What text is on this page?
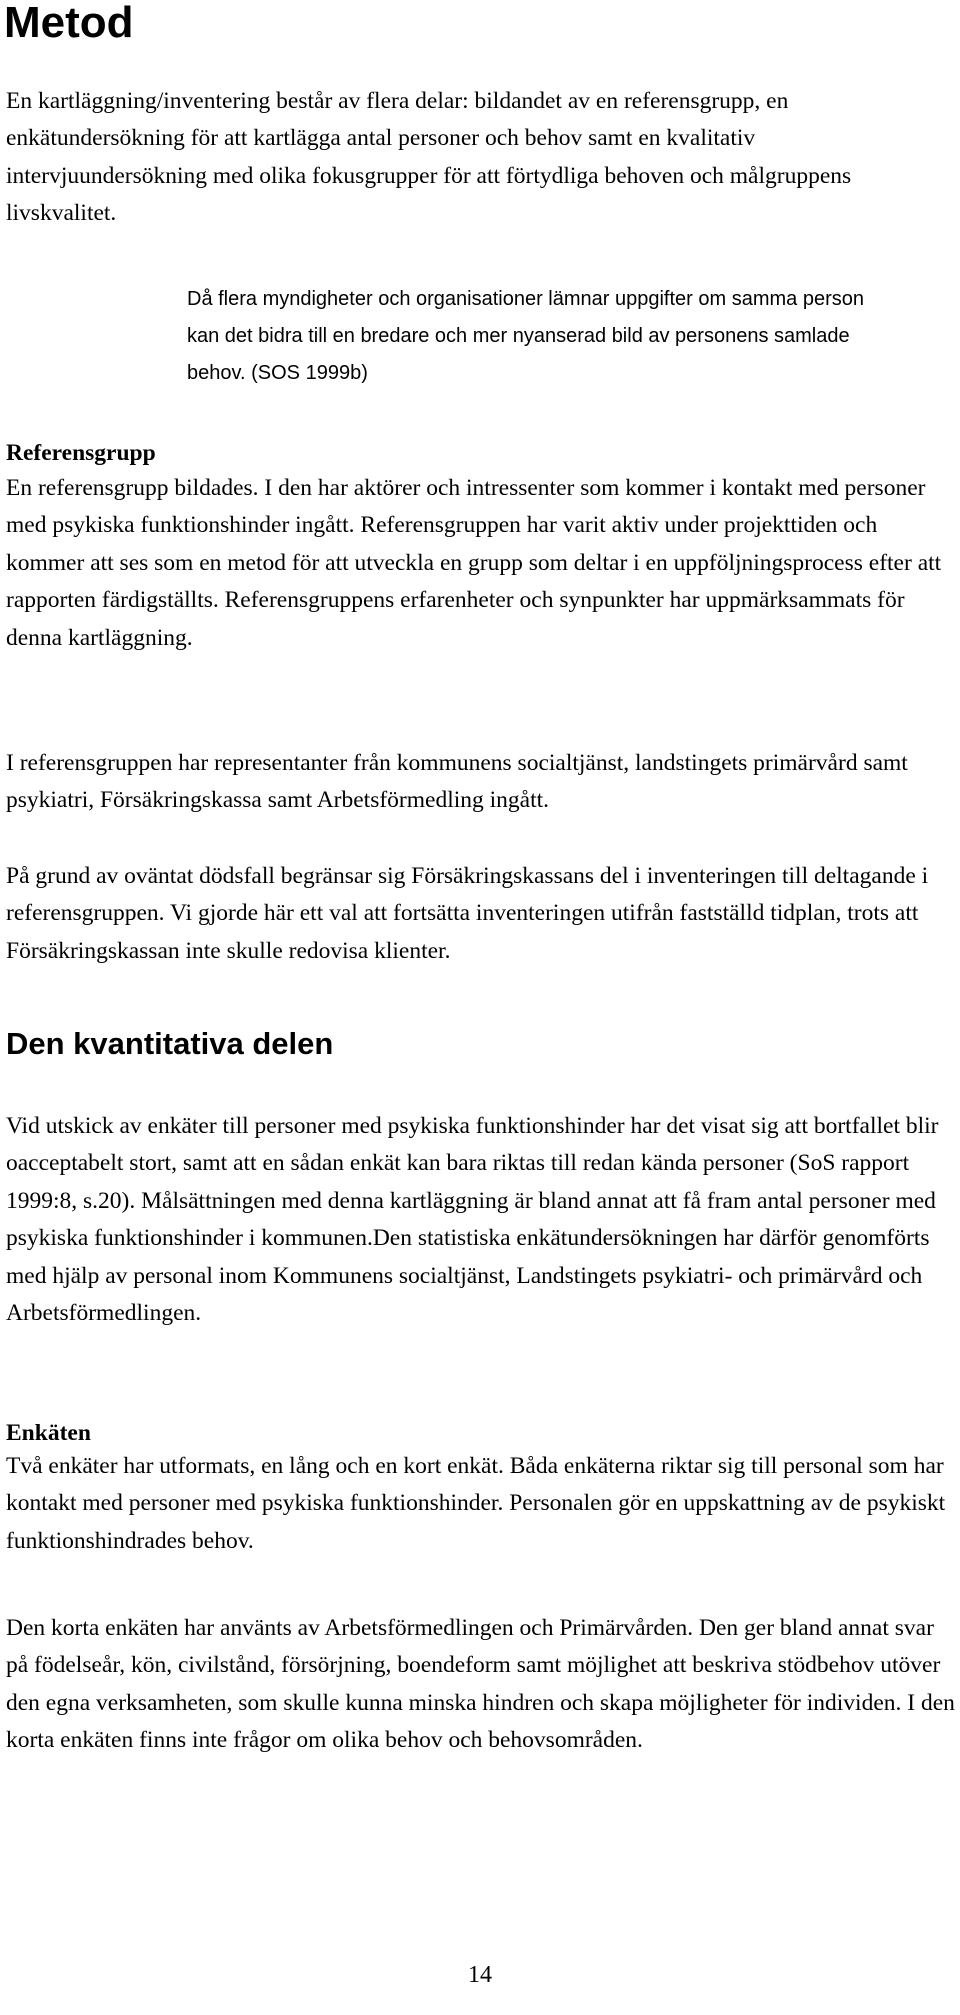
Metod

En kartläggning/inventering består av flera delar: bildandet av en referensgrupp, en enkätundersökning för att kartlägga antal personer och behov samt en kvalitativ intervjuundersökning med olika fokusgrupper för att förtydliga behoven och målgruppens livskvalitet.

Då flera myndigheter och organisationer lämnar uppgifter om samma person kan det bidra till en bredare och mer nyanserad bild av personens samlade behov. (SOS 1999b)

Referensgrupp

En referensgrupp bildades. I den har aktörer och intressenter som kommer i kontakt med personer med psykiska funktionshinder ingått. Referensgruppen har varit aktiv under projekttiden och kommer att ses som en metod för att utveckla en grupp som deltar i en uppföljningsprocess efter att rapporten färdigställts. Referensgruppens erfarenheter och synpunkter har uppmärksammats för denna kartläggning.

I referensgruppen har representanter från kommunens socialtjänst, landstingets primärvård samt psykiatri, Försäkringskassa samt Arbetsförmedling ingått.

På grund av oväntat dödsfall begränsar sig Försäkringskassans del i inventeringen till deltagande i referensgruppen. Vi gjorde här ett val att fortsätta inventeringen utifrån fastställd tidplan, trots att Försäkringskassan inte skulle redovisa klienter.

Den kvantitativa delen

Vid utskick av enkäter till personer med psykiska funktionshinder har det visat sig att bortfallet blir oacceptabelt stort, samt att en sådan enkät kan bara riktas till redan kända personer (SoS rapport 1999:8, s.20). Målsättningen med denna kartläggning är bland annat att få fram antal personer med psykiska funktionshinder i kommunen.Den statistiska enkätundersökningen har därför genomförts med hjälp av personal inom Kommunens socialtjänst, Landstingets psykiatri- och primärvård och Arbetsförmedlingen.

Enkäten

Två enkäter har utformats, en lång och en kort enkät. Båda enkäterna riktar sig till personal som har kontakt med personer med psykiska funktionshinder. Personalen gör en uppskattning av de psykiskt funktionshindrades behov.

Den korta enkäten har använts av Arbetsförmedlingen och Primärvården. Den ger bland annat svar på födelseår, kön, civilstånd, försörjning, boendeform samt möjlighet att beskriva stödbehov utöver den egna verksamheten, som skulle kunna minska hindren och skapa möjligheter för individen. I den korta enkäten finns inte frågor om olika behov och behovsområden.

14
